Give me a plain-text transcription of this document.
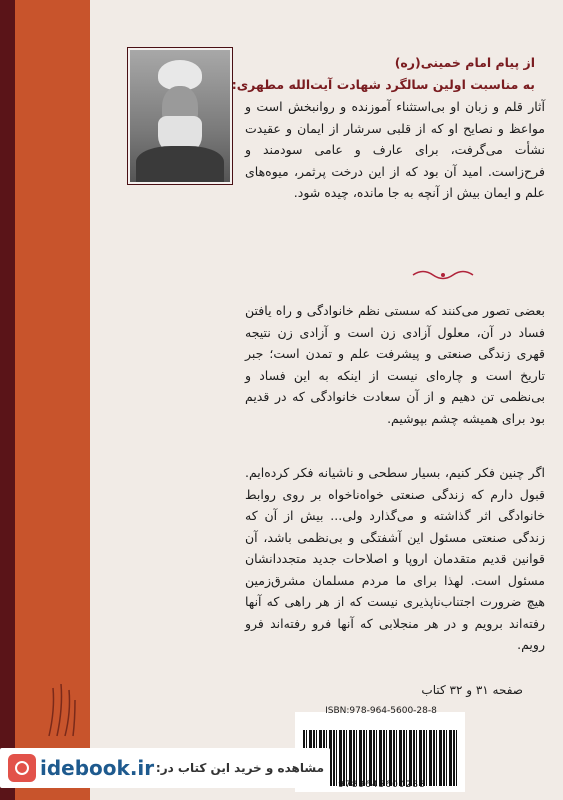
از پیام امام خمینی(ره)
به مناسبت اولین سالگرد شهادت آیت‌الله مطهری:
آثار قلم و زبان او بی‌استثناء آموزنده و روانبخش است و مواعظ و نصایح او که از قلبی سرشار از ایمان و عقیدت نشأت می‌گرفت، برای عارف و عامی سودمند و فرح‌زاست. امید آن بود که از این درخت پرثمر، میوه‌های علم و ایمان بیش از آنچه به جا مانده، چیده شود.
بعضی تصور می‌کنند که سستی نظم خانوادگی و راه یافتن فساد در آن، معلول آزادی زن است و آزادی زن نتیجه قهری زندگی صنعتی و پیشرفت علم و تمدن است؛ جبر تاریخ است و چاره‌ای نیست از اینکه به این فساد و بی‌نظمی تن دهیم و از آن سعادت خانوادگی که در قدیم بود برای همیشه چشم بپوشیم.
اگر چنین فکر کنیم، بسیار سطحی و ناشیانه فکر کرده‌ایم. قبول دارم که زندگی صنعتی خواه‌ناخواه بر روی روابط خانوادگی اثر گذاشته و می‌گذارد ولی... بیش از آن که زندگی صنعتی مسئول این آشفتگی و بی‌نظمی باشد، آن قوانین قدیم متقدمان اروپا و اصلاحات جدید متجددانشان مسئول است. لهذا برای ما مردم مسلمان مشرق‌زمین هیچ ضرورت اجتناب‌ناپذیری نیست که از هر راهی که آنها رفته‌اند برویم و در هر منجلابی که آنها فرو رفته‌اند فرو رویم.
صفحه ۳۱ و ۳۲ کتاب
9789645600288
ISBN:978-964-5600-28-8
idebook.ir مشاهده و خرید این کتاب در:
